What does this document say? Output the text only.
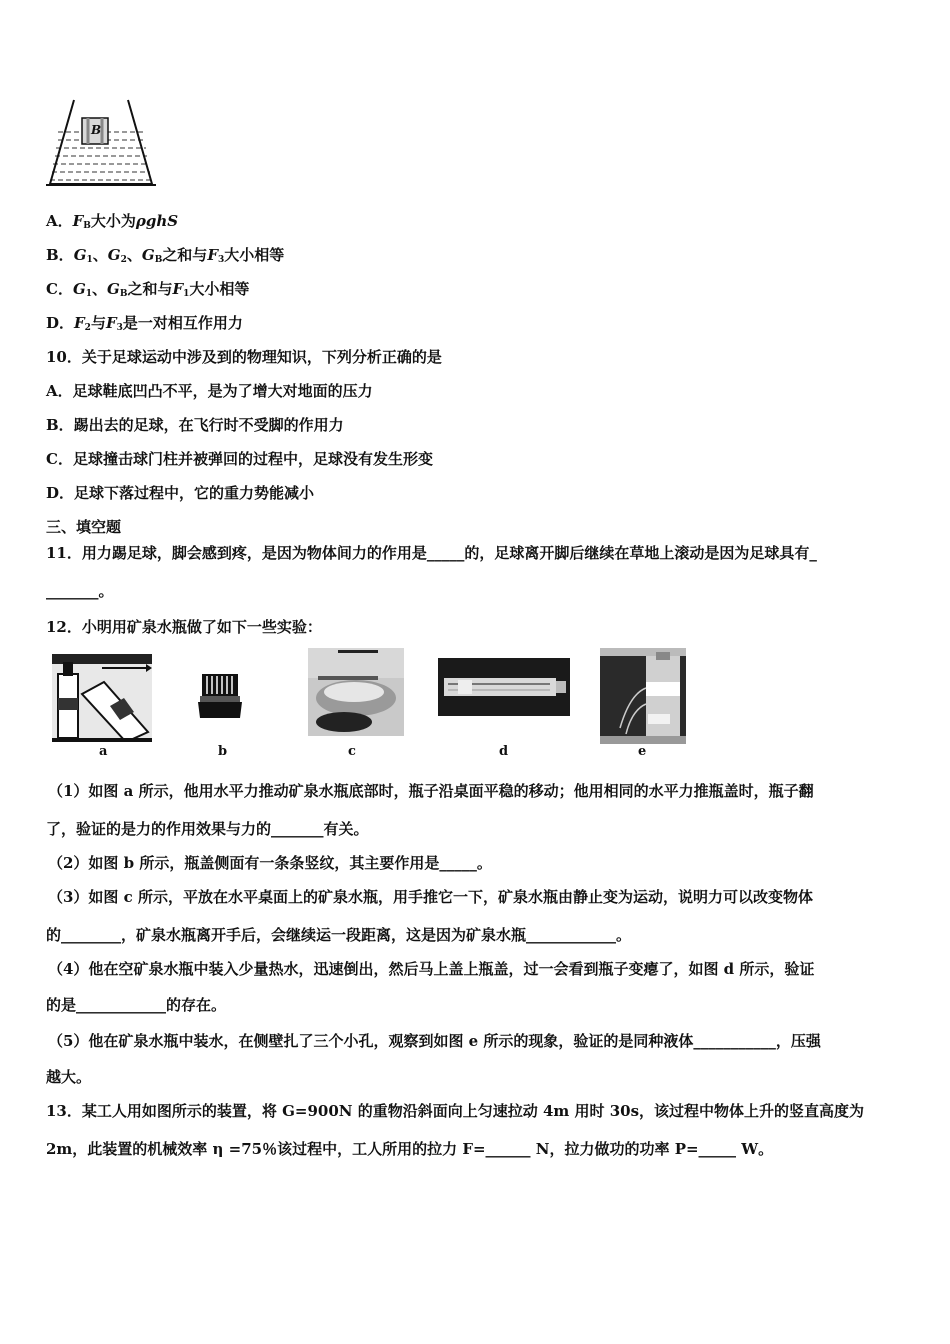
B
A．$F_B$大小为ρghS
B．$G_1$、$G_2$、$G_B$之和与$F_3$大小相等
C．$G_1$、$G_B$之和与$F_1$大小相等
D．$F_2$与$F_3$是一对相互作用力
10．关于足球运动中涉及到的物理知识，下列分析正确的是
A．足球鞋底凹凸不平，是为了增大对地面的压力
B．踢出去的足球，在飞行时不受脚的作用力
C．足球撞击球门柱并被弹回的过程中，足球没有发生形变
D．足球下落过程中，它的重力势能减小
三、填空题
11．用力踢足球，脚会感到疼，是因为物体间力的作用是_____的，足球离开脚后继续在草地上滚动是因为足球具有_
_______。
12．小明用矿泉水瓶做了如下一些实验：
a	b	c	d	e
（1）如图 a 所示，他用水平力推动矿泉水瓶底部时，瓶子沿桌面平稳的移动；他用相同的水平力推瓶盖时，瓶子翻
了，验证的是力的作用效果与力的_______有关。
（2）如图 b 所示，瓶盖侧面有一条条竖纹，其主要作用是_____。
（3）如图 c 所示，平放在水平桌面上的矿泉水瓶，用手推它一下，矿泉水瓶由静止变为运动，说明力可以改变物体
的________，矿泉水瓶离开手后，会继续运一段距离，这是因为矿泉水瓶____________。
（4）他在空矿泉水瓶中装入少量热水，迅速倒出，然后马上盖上瓶盖，过一会看到瓶子变瘪了，如图 d 所示，验证
的是____________的存在。
（5）他在矿泉水瓶中装水，在侧壁扎了三个小孔，观察到如图 e 所示的现象，验证的是同种液体___________，压强
越大。
13．某工人用如图所示的装置，将 G=900N 的重物沿斜面向上匀速拉动 4m 用时 30s，该过程中物体上升的竖直高度为
2m，此装置的机械效率 η =75％该过程中，工人所用的拉力 F=______ N，拉力做功的功率 P=_____ W。
